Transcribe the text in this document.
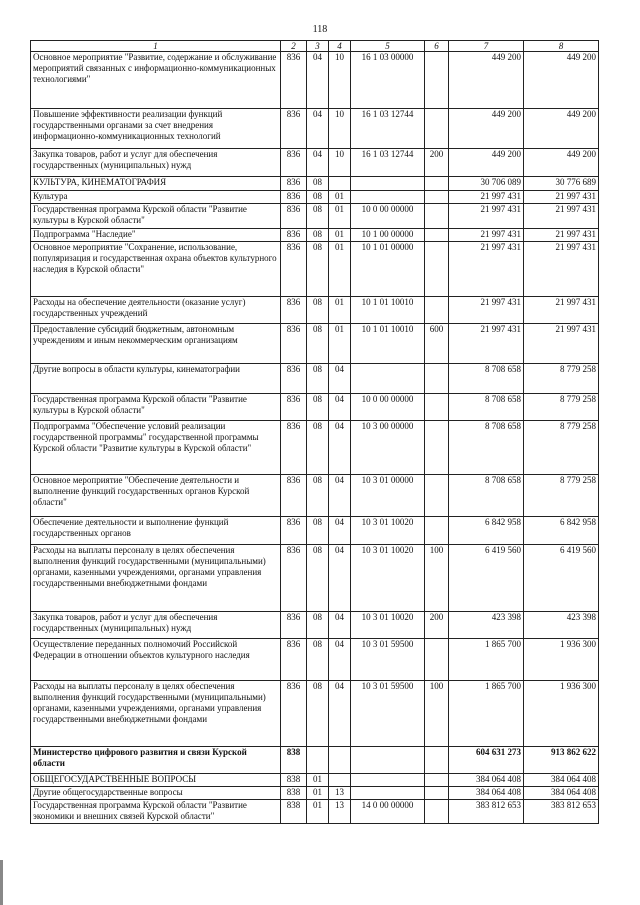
118
1	2	3	4	5	6	7	8
Основное мероприятие "Развитие, содержание и обслуживание мероприятий связанных с информационно-коммуникационных технологиями"	836	04	10	16 1 03 00000		449 200	449 200
Повышение эффективности реализации функций государственными органами за счет внедрения информационно-коммуникационных технологий	836	04	10	16 1 03 12744		449 200	449 200
Закупка товаров, работ и услуг для обеспечения государственных (муниципальных) нужд	836	04	10	16 1 03 12744	200	449 200	449 200
КУЛЬТУРА, КИНЕМАТОГРАФИЯ	836	08				30 706 089	30 776 689
Культура	836	08	01			21 997 431	21 997 431
Государственная программа Курской области "Развитие культуры в Курской области"	836	08	01	10 0 00 00000		21 997 431	21 997 431
Подпрограмма "Наследие"	836	08	01	10 1 00 00000		21 997 431	21 997 431
Основное мероприятие "Сохранение, использование, популяризация и государственная охрана объектов культурного наследия в Курской области"	836	08	01	10 1 01 00000		21 997 431	21 997 431
Расходы на обеспечение деятельности (оказание услуг) государственных учреждений	836	08	01	10 1 01 10010		21 997 431	21 997 431
Предоставление субсидий бюджетным, автономным учреждениям и иным некоммерческим организациям	836	08	01	10 1 01 10010	600	21 997 431	21 997 431
Другие вопросы в области культуры, кинематографии	836	08	04			8 708 658	8 779 258
Государственная программа Курской области "Развитие культуры в Курской области"	836	08	04	10 0 00 00000		8 708 658	8 779 258
Подпрограмма "Обеспечение условий реализации государственной программы" государственной программы Курской области "Развитие культуры в Курской области"	836	08	04	10 3 00 00000		8 708 658	8 779 258
Основное мероприятие "Обеспечение деятельности и выполнение функций государственных органов Курской области"	836	08	04	10 3 01 00000		8 708 658	8 779 258
Обеспечение деятельности и выполнение функций государственных органов	836	08	04	10 3 01 10020		6 842 958	6 842 958
Расходы на выплаты персоналу в целях обеспечения выполнения функций государственными (муниципальными) органами, казенными учреждениями, органами управления государственными внебюджетными фондами	836	08	04	10 3 01 10020	100	6 419 560	6 419 560
Закупка товаров, работ и услуг для обеспечения государственных (муниципальных) нужд	836	08	04	10 3 01 10020	200	423 398	423 398
Осуществление переданных полномочий Российской Федерации в отношении объектов культурного наследия	836	08	04	10 3 01 59500		1 865 700	1 936 300
Расходы на выплаты персоналу в целях обеспечения выполнения функций государственными (муниципальными) органами, казенными учреждениями, органами управления государственными внебюджетными фондами	836	08	04	10 3 01 59500	100	1 865 700	1 936 300
Министерство цифрового развития и связи Курской области	838					604 631 273	913 862 622
ОБЩЕГОСУДАРСТВЕННЫЕ ВОПРОСЫ	838	01				384 064 408	384 064 408
Другие общегосударственные вопросы	838	01	13			384 064 408	384 064 408
Государственная программа Курской области "Развитие экономики и внешних связей Курской области"	838	01	13	14 0 00 00000		383 812 653	383 812 653
